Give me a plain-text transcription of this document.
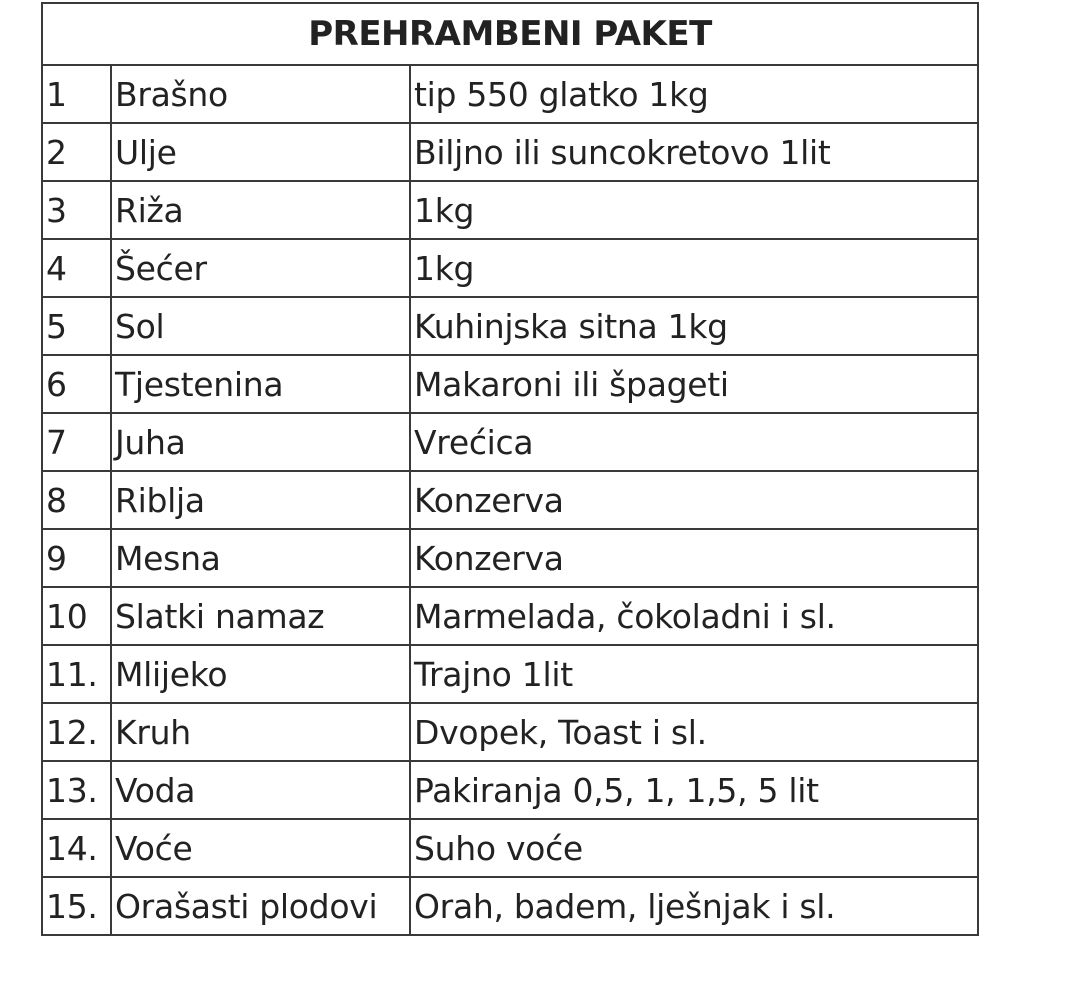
PREHRAMBENI PAKET		
1	Brašno	tip 550 glatko 1kg
2	Ulje	Biljno ili suncokretovo 1lit
3	Riža	1kg
4	Šećer	1kg
5	Sol	Kuhinjska sitna 1kg
6	Tjestenina	Makaroni ili špageti
7	Juha	Vrećica
8	Riblja	Konzerva
9	Mesna	Konzerva
10	Slatki namaz	Marmelada, čokoladni i sl.
11.	Mlijeko	Trajno 1lit
12.	Kruh	Dvopek, Toast i sl.
13.	Voda	Pakiranja 0,5, 1, 1,5, 5 lit
14.	Voće	Suho voće
15.	Orašasti plodovi	Orah, badem, lješnjak i sl.
